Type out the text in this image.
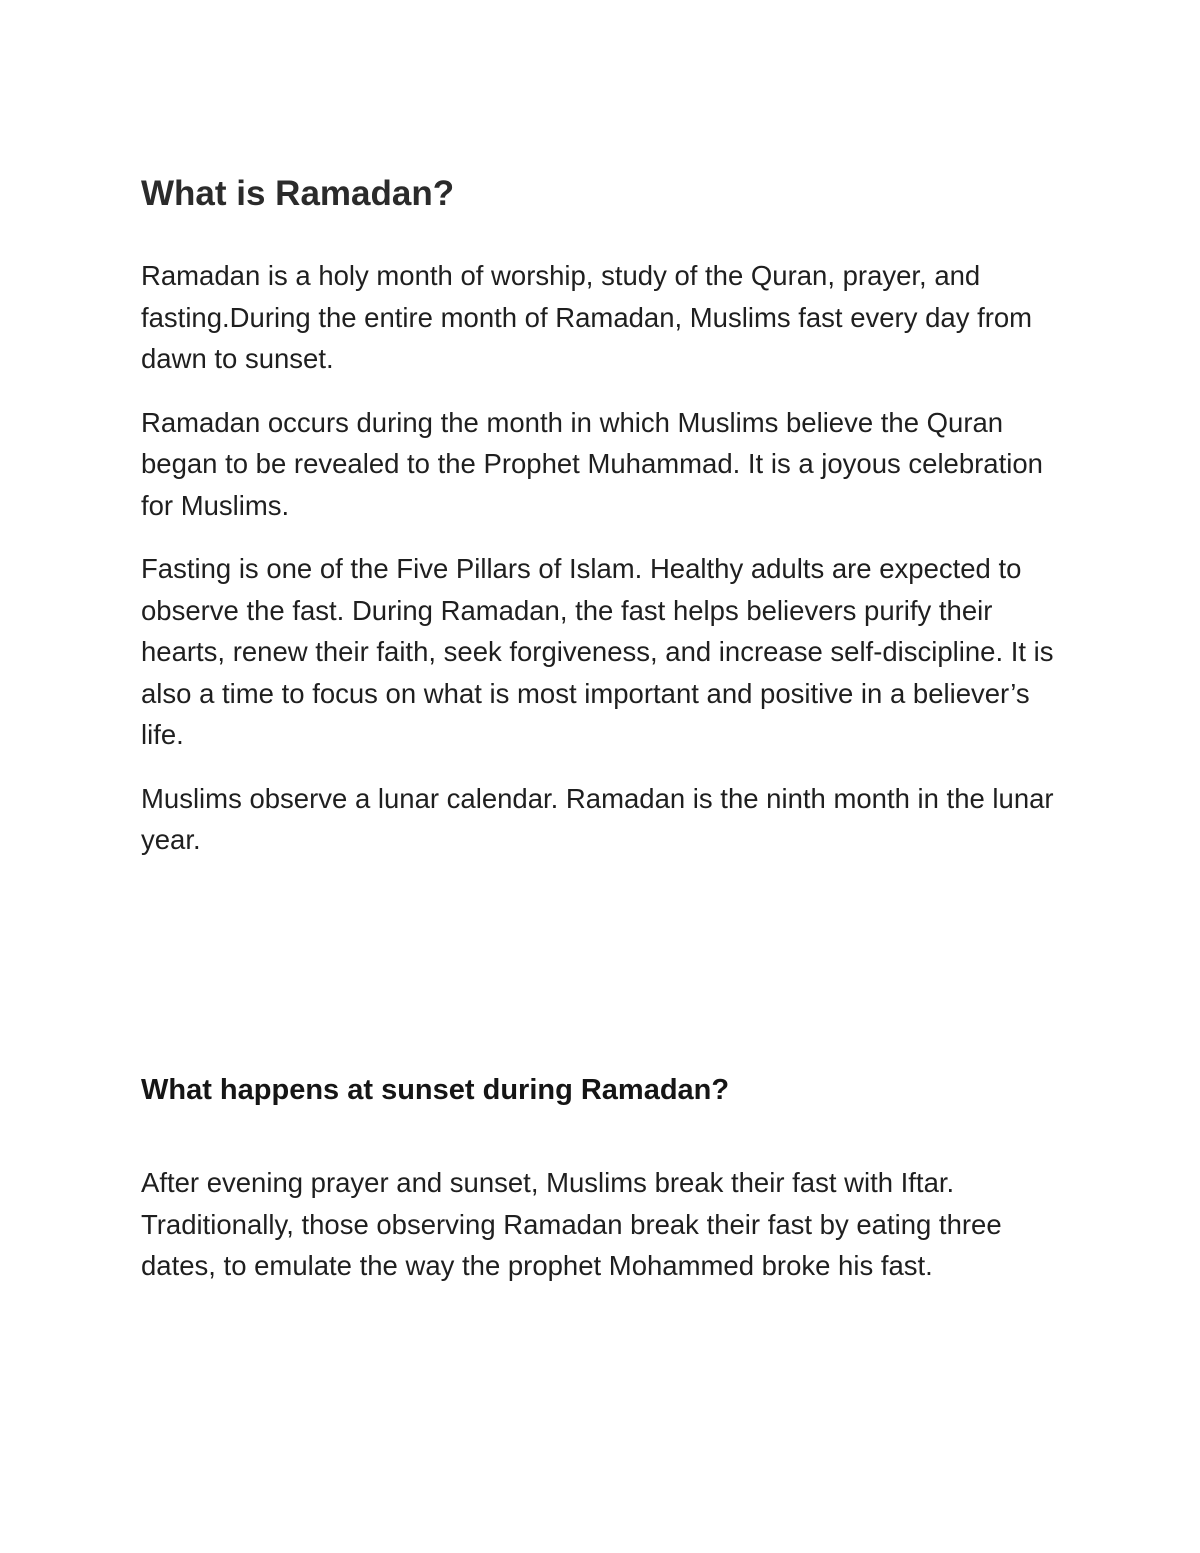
What is Ramadan?

Ramadan is a holy month of worship, study of the Quran, prayer, and fasting.During the entire month of Ramadan, Muslims fast every day from dawn to sunset.

Ramadan occurs during the month in which Muslims believe the Quran began to be revealed to the Prophet Muhammad. It is a joyous celebration for Muslims.

Fasting is one of the Five Pillars of Islam. Healthy adults are expected to observe the fast. During Ramadan, the fast helps believers purify their hearts, renew their faith, seek forgiveness, and increase self-discipline. It is also a time to focus on what is most important and positive in a believer’s life.

Muslims observe a lunar calendar. Ramadan is the ninth month in the lunar year.

What happens at sunset during Ramadan?

After evening prayer and sunset, Muslims break their fast with Iftar. Traditionally, those observing Ramadan break their fast by eating three dates, to emulate the way the prophet Mohammed broke his fast.
